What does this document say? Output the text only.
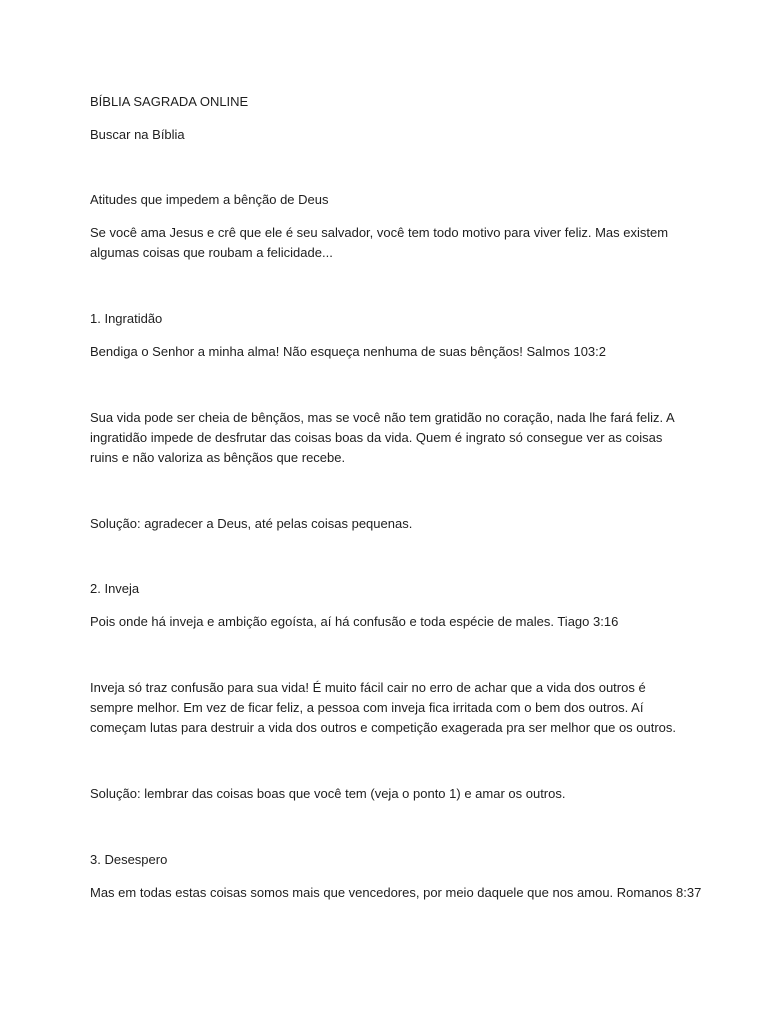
BÍBLIA SAGRADA ONLINE

Buscar na Bíblia

Atitudes que impedem a bênção de Deus

Se você ama Jesus e crê que ele é seu salvador, você tem todo motivo para viver feliz. Mas existem algumas coisas que roubam a felicidade...

1. Ingratidão

Bendiga o Senhor a minha alma! Não esqueça nenhuma de suas bênçãos! Salmos 103:2

Sua vida pode ser cheia de bênçãos, mas se você não tem gratidão no coração, nada lhe fará feliz. A ingratidão impede de desfrutar das coisas boas da vida. Quem é ingrato só consegue ver as coisas ruins e não valoriza as bênçãos que recebe.

Solução: agradecer a Deus, até pelas coisas pequenas.

2. Inveja

Pois onde há inveja e ambição egoísta, aí há confusão e toda espécie de males. Tiago 3:16

Inveja só traz confusão para sua vida! É muito fácil cair no erro de achar que a vida dos outros é sempre melhor. Em vez de ficar feliz, a pessoa com inveja fica irritada com o bem dos outros. Aí começam lutas para destruir a vida dos outros e competição exagerada pra ser melhor que os outros.

Solução: lembrar das coisas boas que você tem (veja o ponto 1) e amar os outros.

3. Desespero

Mas em todas estas coisas somos mais que vencedores, por meio daquele que nos amou. Romanos 8:37
